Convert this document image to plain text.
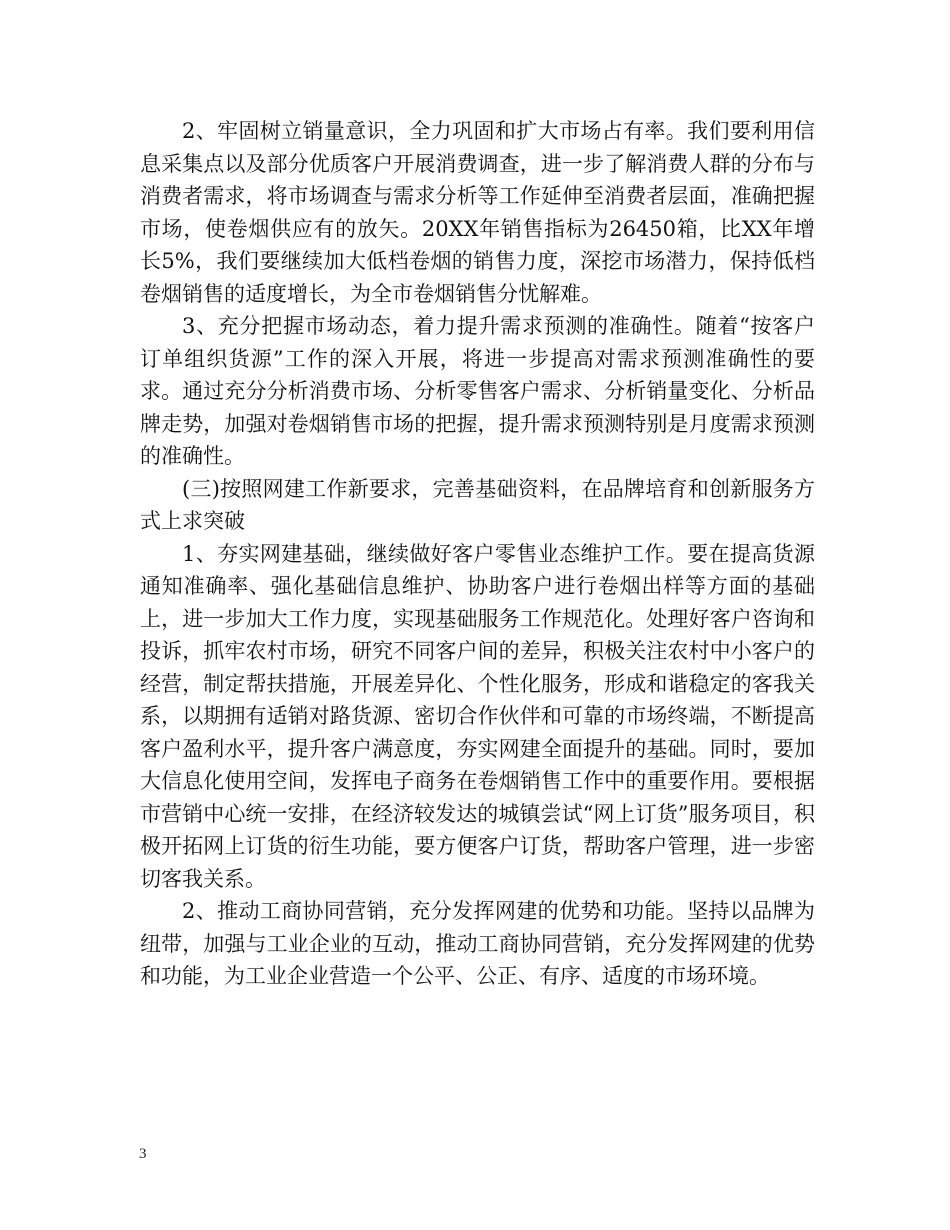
2、牢固树立销量意识，全力巩固和扩大市场占有率。我们要利用信息采集点以及部分优质客户开展消费调查，进一步了解消费人群的分布与消费者需求，将市场调查与需求分析等工作延伸至消费者层面，准确把握市场，使卷烟供应有的放矢。20XX年销售指标为26450箱，比XX年增长5%，我们要继续加大低档卷烟的销售力度，深挖市场潜力，保持低档卷烟销售的适度增长，为全市卷烟销售分忧解难。

3、充分把握市场动态，着力提升需求预测的准确性。随着“按客户订单组织货源”工作的深入开展，将进一步提高对需求预测准确性的要求。通过充分分析消费市场、分析零售客户需求、分析销量变化、分析品牌走势，加强对卷烟销售市场的把握，提升需求预测特别是月度需求预测的准确性。

(三)按照网建工作新要求，完善基础资料，在品牌培育和创新服务方式上求突破

1、夯实网建基础，继续做好客户零售业态维护工作。要在提高货源通知准确率、强化基础信息维护、协助客户进行卷烟出样等方面的基础上，进一步加大工作力度，实现基础服务工作规范化。处理好客户咨询和投诉，抓牢农村市场，研究不同客户间的差异，积极关注农村中小客户的经营，制定帮扶措施，开展差异化、个性化服务，形成和谐稳定的客我关系，以期拥有适销对路货源、密切合作伙伴和可靠的市场终端，不断提高客户盈利水平，提升客户满意度，夯实网建全面提升的基础。同时，要加大信息化使用空间，发挥电子商务在卷烟销售工作中的重要作用。要根据市营销中心统一安排，在经济较发达的城镇尝试“网上订货”服务项目，积极开拓网上订货的衍生功能，要方便客户订货，帮助客户管理，进一步密切客我关系。

2、推动工商协同营销，充分发挥网建的优势和功能。坚持以品牌为纽带，加强与工业企业的互动，推动工商协同营销，充分发挥网建的优势和功能，为工业企业营造一个公平、公正、有序、适度的市场环境。

3
